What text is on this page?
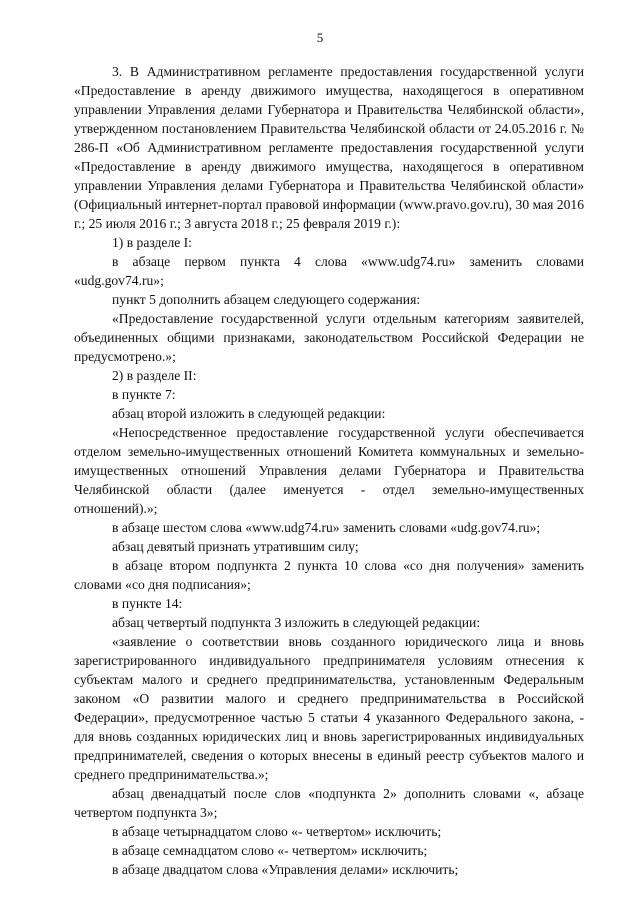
5

3. В Административном регламенте предоставления государственной услуги «Предоставление в аренду движимого имущества, находящегося в оперативном управлении Управления делами Губернатора и Правительства Челябинской области», утвержденном постановлением Правительства Челябинской области от 24.05.2016 г. № 286-П «Об Административном регламенте предоставления государственной услуги «Предоставление в аренду движимого имущества, находящегося в оперативном управлении Управления делами Губернатора и Правительства Челябинской области» (Официальный интернет-портал правовой информации (www.pravo.gov.ru), 30 мая 2016 г.; 25 июля 2016 г.; 3 августа 2018 г.; 25 февраля 2019 г.):

1) в разделе I:

в абзаце первом пункта 4 слова «www.udg74.ru» заменить словами «udg.gov74.ru»;

пункт 5 дополнить абзацем следующего содержания:

«Предоставление государственной услуги отдельным категориям заявителей, объединенных общими признаками, законодательством Российской Федерации не предусмотрено.»;

2) в разделе II:

в пункте 7:

абзац второй изложить в следующей редакции:

«Непосредственное предоставление государственной услуги обеспечивается отделом земельно-имущественных отношений Комитета коммунальных и земельно-имущественных отношений Управления делами Губернатора и Правительства Челябинской области (далее именуется - отдел земельно-имущественных отношений).»;

в абзаце шестом слова «www.udg74.ru» заменить словами «udg.gov74.ru»;

абзац девятый признать утратившим силу;

в абзаце втором подпункта 2 пункта 10 слова «со дня получения» заменить словами «со дня подписания»;

в пункте 14:

абзац четвертый подпункта 3 изложить в следующей редакции:

«заявление о соответствии вновь созданного юридического лица и вновь зарегистрированного индивидуального предпринимателя условиям отнесения к субъектам малого и среднего предпринимательства, установленным Федеральным законом «О развитии малого и среднего предпринимательства в Российской Федерации», предусмотренное частью 5 статьи 4 указанного Федерального закона, - для вновь созданных юридических лиц и вновь зарегистрированных индивидуальных предпринимателей, сведения о которых внесены в единый реестр субъектов малого и среднего предпринимательства.»;

абзац двенадцатый после слов «подпункта 2» дополнить словами «, абзаце четвертом подпункта 3»;

в абзаце четырнадцатом слово «- четвертом» исключить;

в абзаце семнадцатом слово «- четвертом» исключить;

в абзаце двадцатом слова «Управления делами» исключить;
